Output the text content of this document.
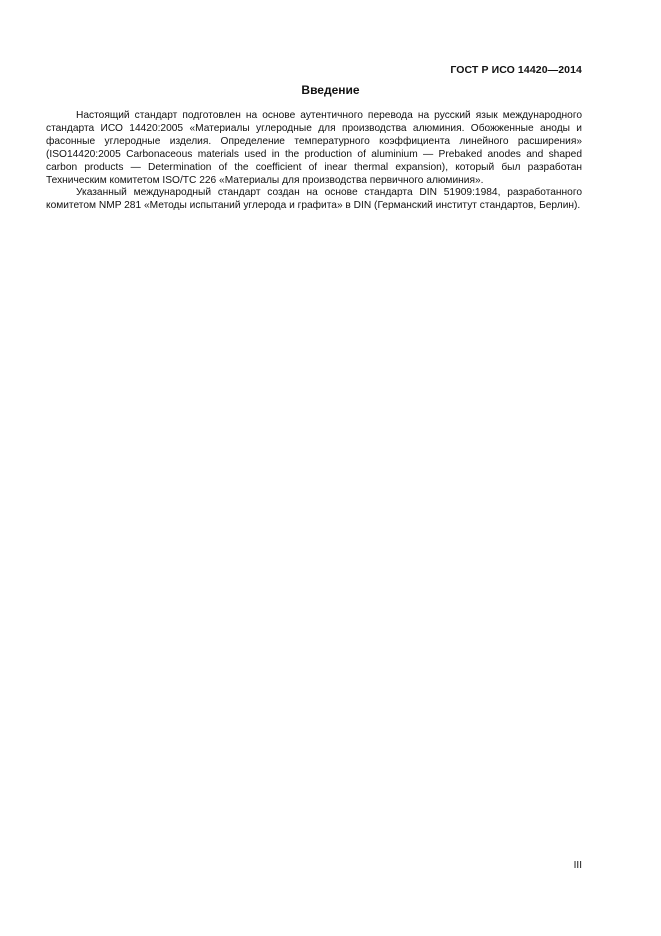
ГОСТ Р ИСО 14420—2014
Введение

Настоящий стандарт подготовлен на основе аутентичного перевода на русский язык международного стандарта ИСО 14420:2005 «Материалы углеродные для производства алюминия. Обожженные аноды и фасонные углеродные изделия. Определение температурного коэффициента линейного расширения» (ISO14420:2005 Carbonaceous materials used in the production of aluminium — Prebaked anodes and shaped carbon products — Determination of the coefficient of inear thermal expansion), который был разработан Техническим комитетом ISO/TC 226 «Материалы для производства первичного алюминия».

Указанный международный стандарт создан на основе стандарта DIN 51909:1984, разработанного комитетом NMP 281 «Методы испытаний углерода и графита» в DIN (Германский институт стандартов, Берлин).

III
